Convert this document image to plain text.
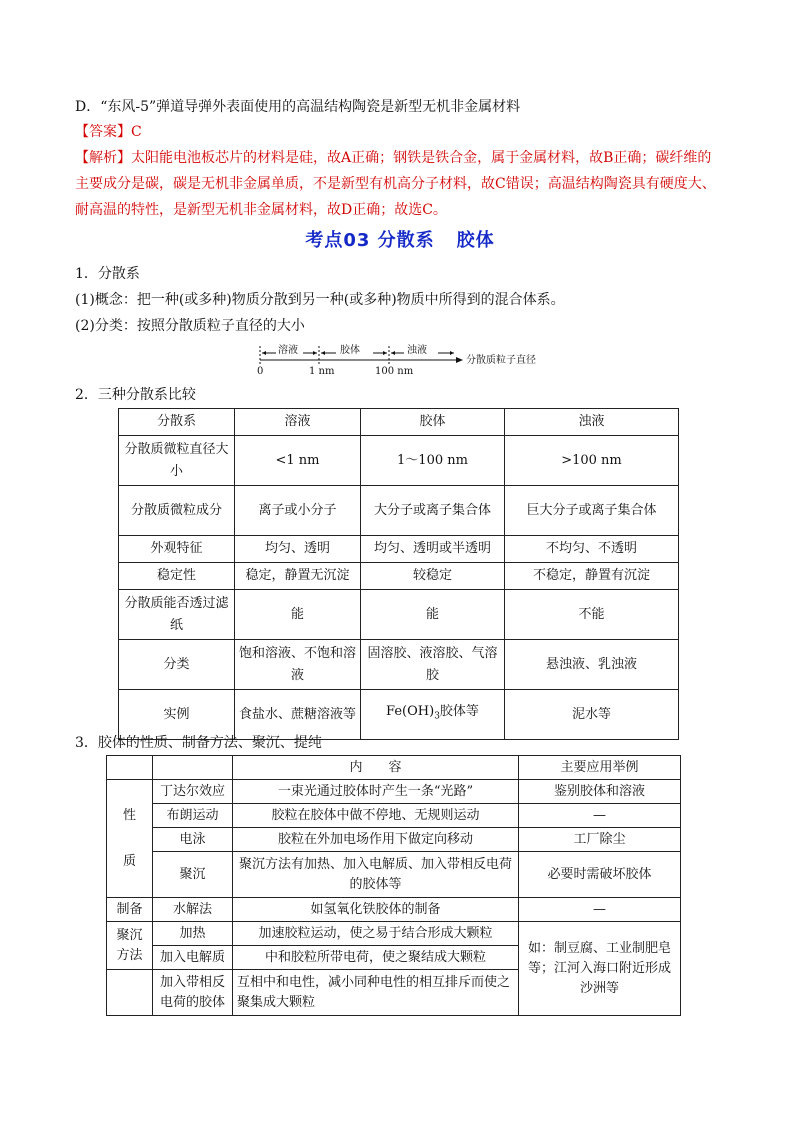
D．“东风-5”弹道导弹外表面使用的高温结构陶瓷是新型无机非金属材料
【答案】C
【解析】太阳能电池板芯片的材料是硅，故A正确；钢铁是铁合金，属于金属材料，故B正确；碳纤维的
主要成分是碳，碳是无机非金属单质，不是新型有机高分子材料，故C错误；高温结构陶瓷具有硬度大、
耐高温的特性，是新型无机非金属材料，故D正确；故选C。
考点03 分散系 胶体
1．分散系
(1)概念：把一种(或多种)物质分散到另一种(或多种)物质中所得到的混合体系。
(2)分类：按照分散质粒子直径的大小
溶液	胶体	浊液
0	1 nm	100 nm
分散质粒子直径
2．三种分散系比较
分散系	溶液	胶体	浊液
分散质微粒直径大小	<1 nm	1～100 nm	>100 nm
分散质微粒成分	离子或小分子	大分子或离子集合体	巨大分子或离子集合体
外观特征	均匀、透明	均匀、透明或半透明	不均匀、不透明
稳定性	稳定，静置无沉淀	较稳定	不稳定，静置有沉淀
分散质能否透过滤纸	能	能	不能
分类	饱和溶液、不饱和溶液	固溶胶、液溶胶、气溶胶	悬浊液、乳浊液
实例	食盐水、蔗糖溶液等	$Fe(OH)_3$胶体等	泥水等
3．胶体的性质、制备方法、聚沉、提纯
		内　　容	主要应用举例

性
质	丁达尔效应	一束光通过胶体时产生一条“光路”	鉴别胶体和溶液
	布朗运动	胶粒在胶体中做不停地、无规则运动	—
	电泳	胶粒在外加电场作用下做定向移动	工厂除尘
	聚沉	聚沉方法有加热、加入电解质、加入带相反电荷的胶体等	必要时需破坏胶体
制备	水解法	如氢氧化铁胶体的制备	—

聚沉
方法	加热	加速胶粒运动，使之易于结合形成大颗粒	如：制豆腐、工业制肥皂等；江河入海口附近形成沙洲等
	加入电解质	中和胶粒所带电荷，使之聚结成大颗粒	
	加入带相反电荷的胶体	互相中和电性，减小同种电性的相互排斥而使之聚集成大颗粒	
